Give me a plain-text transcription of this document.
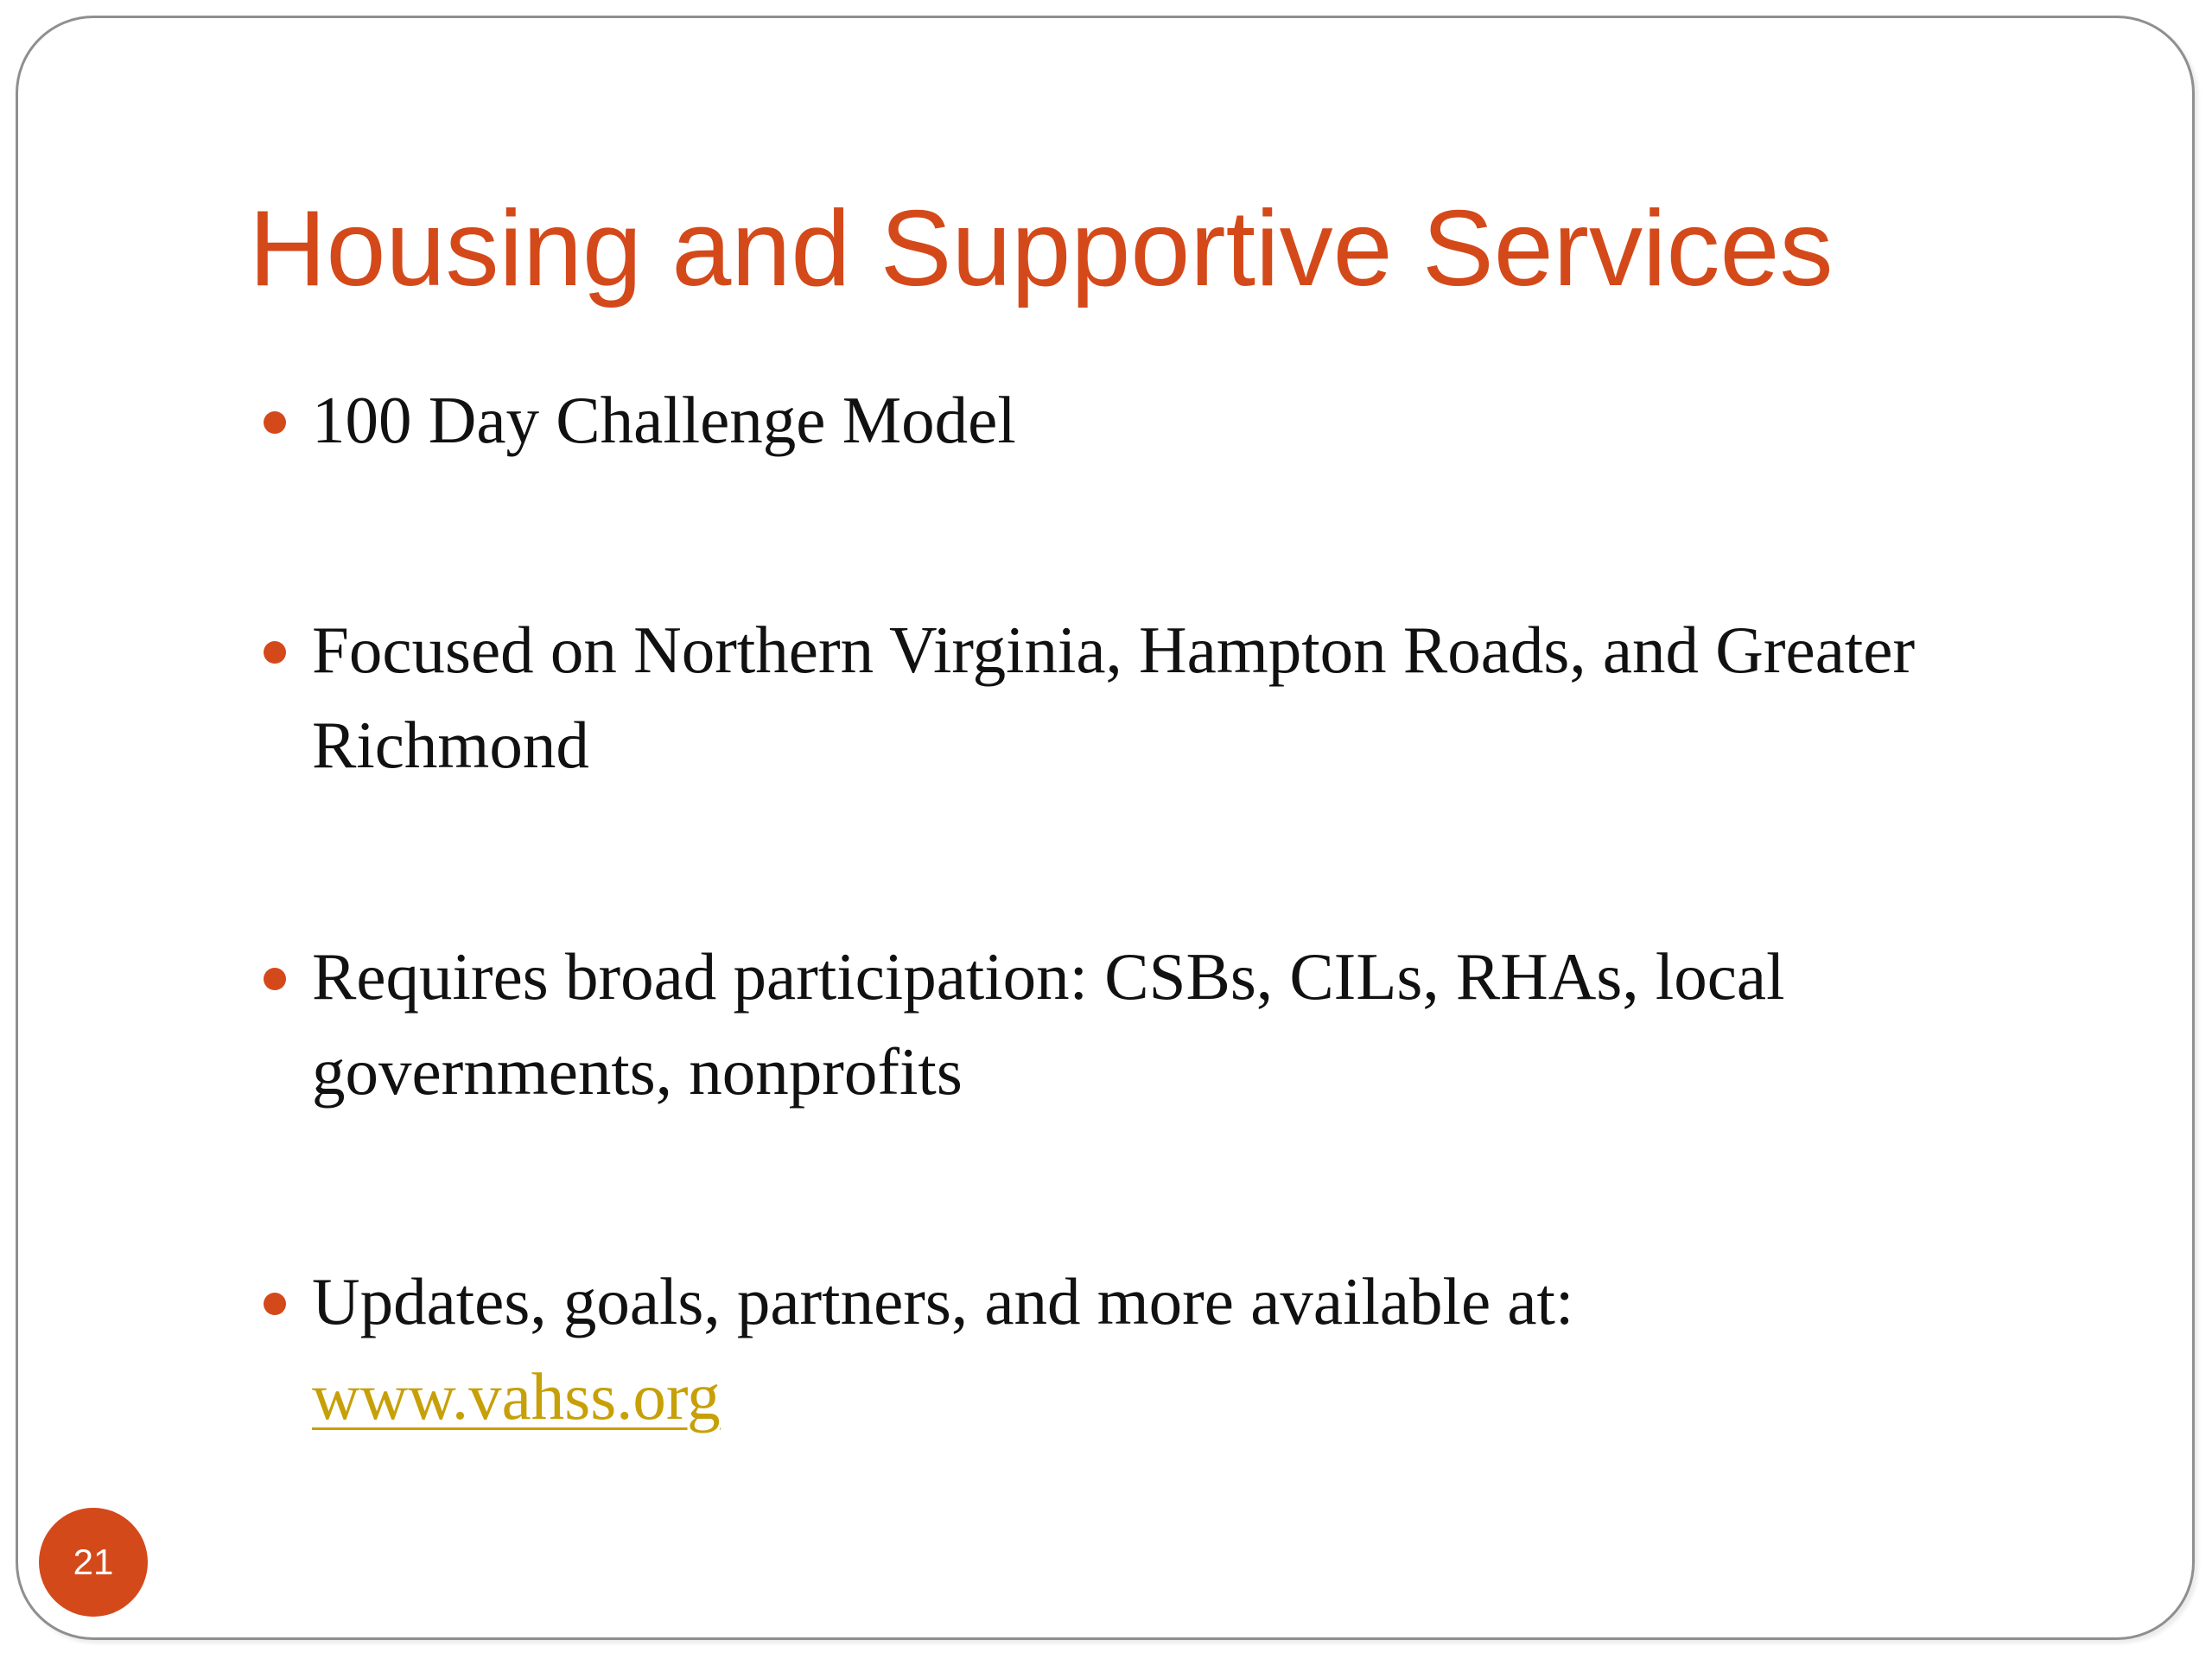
Housing and Supportive Services
100 Day Challenge Model
Focused on Northern Virginia, Hampton Roads, and Greater Richmond
Requires broad participation: CSBs, CILs, RHAs, local governments, nonprofits
Updates, goals, partners, and more available at:
www.vahss.org
21
